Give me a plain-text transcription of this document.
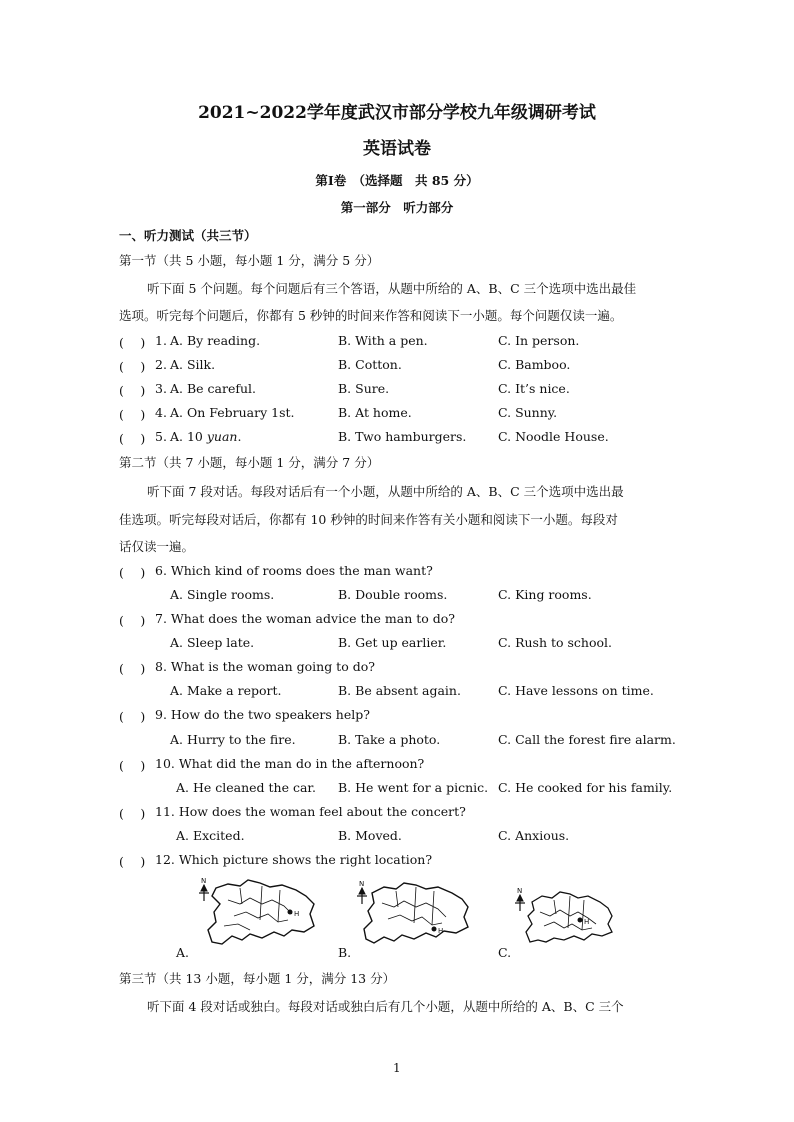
2021~2022学年度武汉市部分学校九年级调研考试
英语试卷
第Ⅰ卷　（选择题　共 85 分）
第一部分　听力部分
一、听力测试（共三节）
第一节（共 5 小题，每小题 1 分，满分 5 分）
听下面 5 个问题。每个问题后有三个答语，从题中所给的 A、B、C 三个选项中选出最佳
选项。听完每个问题后，你都有 5 秒钟的时间来作答和阅读下一小题。每个问题仅读一遍。
(　 ) 1. A. By reading.	B. With a pen.	C. In person.
(　 ) 2. A. Silk.	B. Cotton.	C. Bamboo.
(　 ) 3. A. Be careful.	B. Sure.	C. It’s nice.
(　 ) 4. A. On February 1st.	B. At home.	C. Sunny.
(　 ) 5. A. 10 yuan.	B. Two hamburgers.	C. Noodle House.
第二节（共 7 小题，每小题 1 分，满分 7 分）
听下面 7 段对话。每段对话后有一个小题，从题中所给的 A、B、C 三个选项中选出最
佳选项。听完每段对话后，你都有 10 秒钟的时间来作答有关小题和阅读下一小题。每段对
话仅读一遍。
(　 ) 6. Which kind of rooms does the man want?
A. Single rooms.	B. Double rooms.	C. King rooms.
(　 ) 7. What does the woman advice the man to do?
A. Sleep late.	B. Get up earlier.	C. Rush to school.
(　 ) 8. What is the woman going to do?
A. Make a report.	B. Be absent again.	C. Have lessons on time.
(　 ) 9. How do the two speakers help?
A. Hurry to the fire.	B. Take a photo.	C. Call the forest fire alarm.
(　 ) 10. What did the man do in the afternoon?
A. He cleaned the car. B. He went for a picnic. C. He cooked for his family.
(　 ) 11. How does the woman feel about the concert?
A. Excited.	B. Moved.	C. Anxious.
(　 ) 12. Which picture shows the right location?
A.	B.	C.
N
H
N
H
N
H
第三节（共 13 小题，每小题 1 分，满分 13 分）
听下面 4 段对话或独白。每段对话或独白后有几个小题，从题中所给的 A、B、C 三个
1
